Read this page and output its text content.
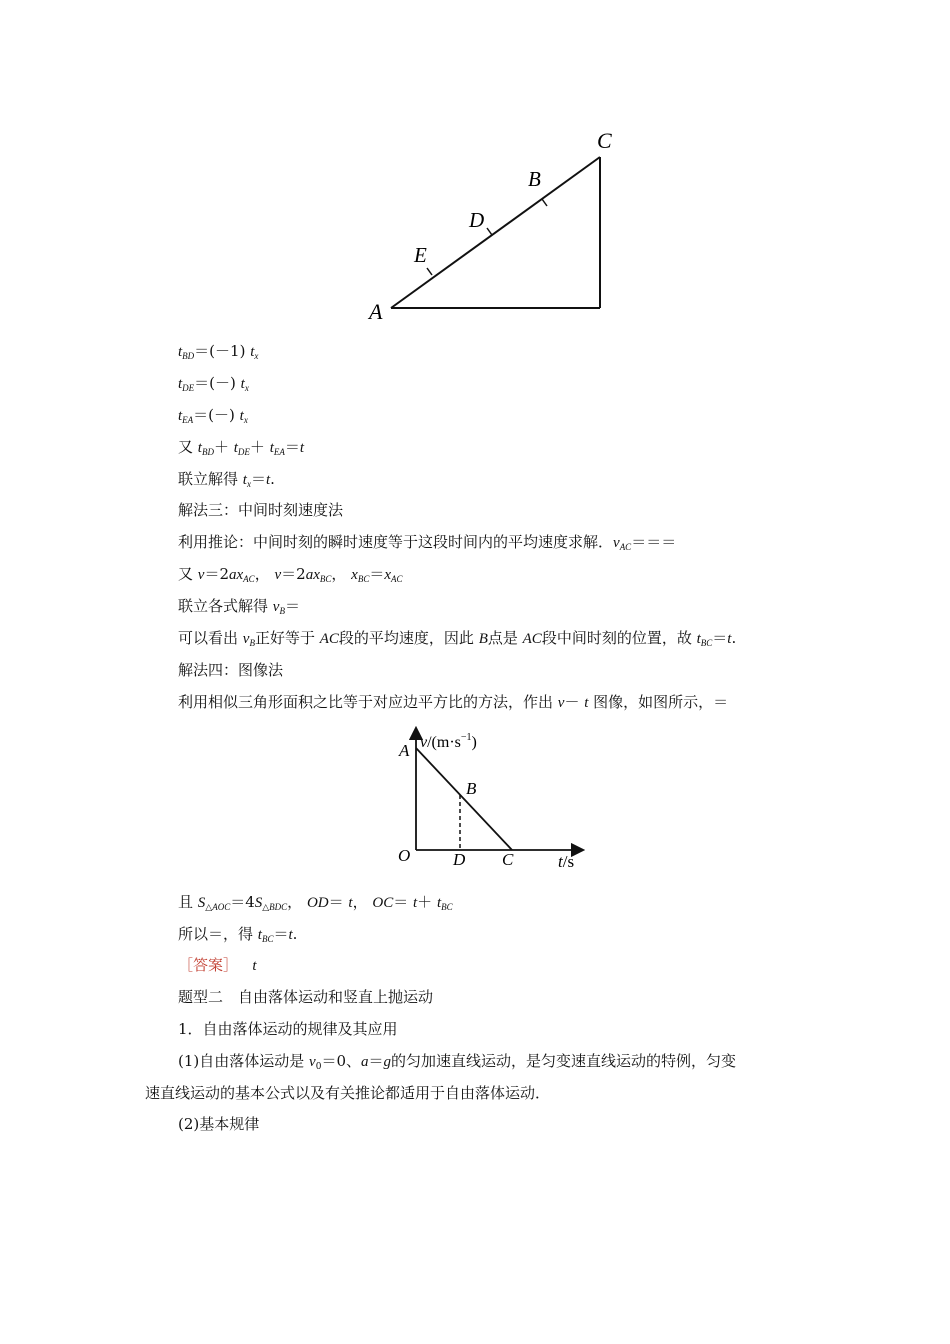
C
B
D
E
A
$t_{BD}=(-1)$ $t_x$
$t_{DE}=(-)$ $t_x$
$t_{EA}=(-)$ $t_x$
又 $t_{BD}+ t_{DE}+ t_{EA}=t$
联立解得 $t_x=t$.
解法三：中间时刻速度法
利用推论：中间时刻的瞬时速度等于这段时间内的平均速度求解．$v_{AC}===$
又 $v=2ax_{AC}$， $v=2ax_{BC}$， $x_{BC}=x_{AC}$
联立各式解得 $v_B=$
可以看出 $v_B$正好等于 AC段的平均速度，因此 B点是 AC段中间时刻的位置，故 $t_{BC}=t$.
解法四：图像法
利用相似三角形面积之比等于对应边平方比的方法，作出 v－ t 图像，如图所示，＝
$v/(m\cdot s^{-1})$
t/s
A
B
O	D C
且 $S_{\triangle AOC}=4S_{\triangle BDC}$， OD＝ t， $OC= t+ t_{BC}$
所以＝，得 $t_{BC}=t$.
［答案］ t
题型二　自由落体运动和竖直上抛运动
1．自由落体运动的规律及其应用
(1)自由落体运动是 $v_0=0$、a＝g的匀加速直线运动，是匀变速直线运动的特例，匀变
速直线运动的基本公式以及有关推论都适用于自由落体运动．
(2)基本规律
